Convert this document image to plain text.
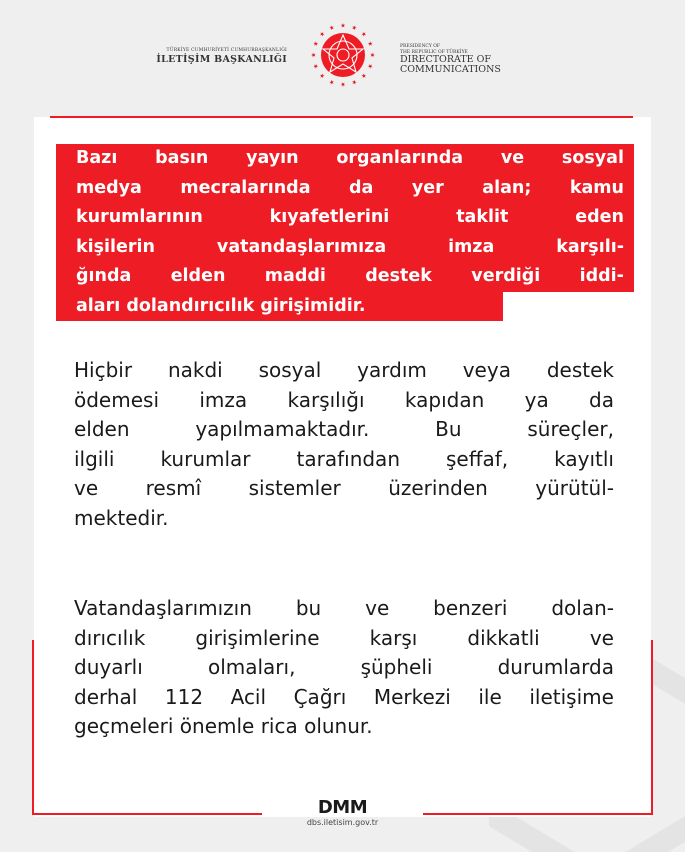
TÜRKİYE CUMHURİYETİ CUMHURBAŞKANLIĞI
İLETİŞİM BAŞKANLIĞI
PRESIDENCY OF
THE REPUBLIC OF TÜRKİYE
DIRECTORATE OF
COMMUNICATIONS
Bazı basın yayın organlarında ve sosyal
medya mecralarında da yer alan; kamu
kurumlarının	kıyafetlerini	taklit	eden
kişilerin	vatandaşlarımıza	imza	karşılı-
ğında elden maddi destek verdiği iddi-
aları dolandırıcılık girişimidir.
Hiçbir nakdi sosyal yardım veya destek
ödemesi imza karşılığı kapıdan ya da
elden	yapılmamaktadır.	Bu	süreçler,
ilgili kurumlar tarafından şeffaf, kayıtlı
ve resmî sistemler üzerinden yürütül-
mektedir.
Vatandaşlarımızın bu ve benzeri dolan-
dırıcılık	girişimlerine	karşı	dikkatli	ve
duyarlı	olmaları,	şüpheli	durumlarda
derhal 112 Acil Çağrı Merkezi ile iletişime
geçmeleri önemle rica olunur.
DMM
dbs.iletisim.gov.tr
